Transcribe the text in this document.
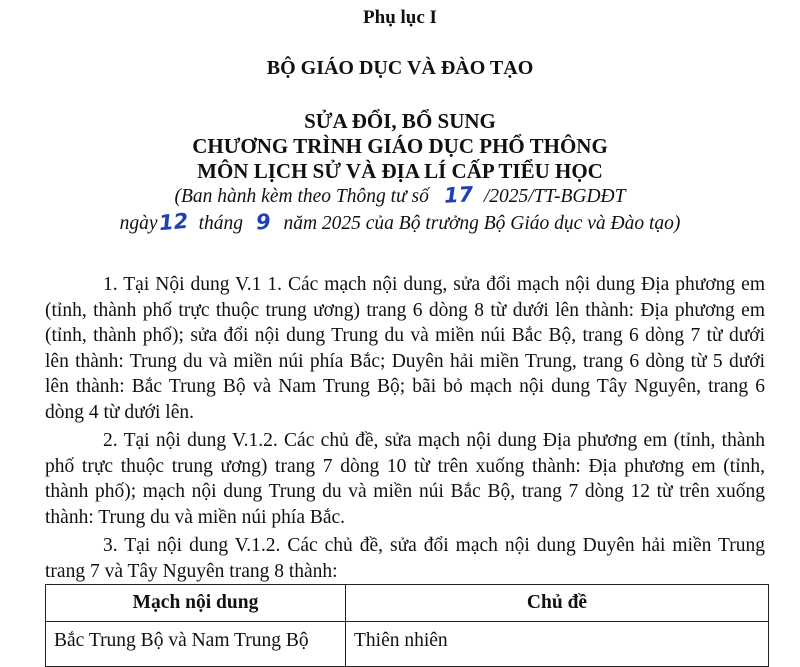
Phụ lục I
BỘ GIÁO DỤC VÀ ĐÀO TẠO
SỬA ĐỔI, BỔ SUNG
CHƯƠNG TRÌNH GIÁO DỤC PHỔ THÔNG
MÔN LỊCH SỬ VÀ ĐỊA LÍ CẤP TIỂU HỌC
(Ban hành kèm theo Thông tư số 17 /2025/TT-BGDĐT
ngày12 tháng 9 năm 2025 của Bộ trưởng Bộ Giáo dục và Đào tạo)

1. Tại Nội dung V.1 1. Các mạch nội dung, sửa đổi mạch nội dung Địa phương em (tỉnh, thành phố trực thuộc trung ương) trang 6 dòng 8 từ dưới lên thành: Địa phương em (tỉnh, thành phố); sửa đổi nội dung Trung du và miền núi Bắc Bộ, trang 6 dòng 7 từ dưới lên thành: Trung du và miền núi phía Bắc; Duyên hải miền Trung, trang 6 dòng từ 5 dưới lên thành: Bắc Trung Bộ và Nam Trung Bộ; bãi bỏ mạch nội dung Tây Nguyên, trang 6 dòng 4 từ dưới lên.

2. Tại nội dung V.1.2. Các chủ đề, sửa mạch nội dung Địa phương em (tỉnh, thành phố trực thuộc trung ương) trang 7 dòng 10 từ trên xuống thành: Địa phương em (tỉnh, thành phố); mạch nội dung Trung du và miền núi Bắc Bộ, trang 7 dòng 12 từ trên xuống thành: Trung du và miền núi phía Bắc.

3. Tại nội dung V.1.2. Các chủ đề, sửa đổi mạch nội dung Duyên hải miền Trung trang 7 và Tây Nguyên trang 8 thành:

Mạch nội dung	Chủ đề
Bắc Trung Bộ và Nam Trung Bộ	Thiên nhiên
